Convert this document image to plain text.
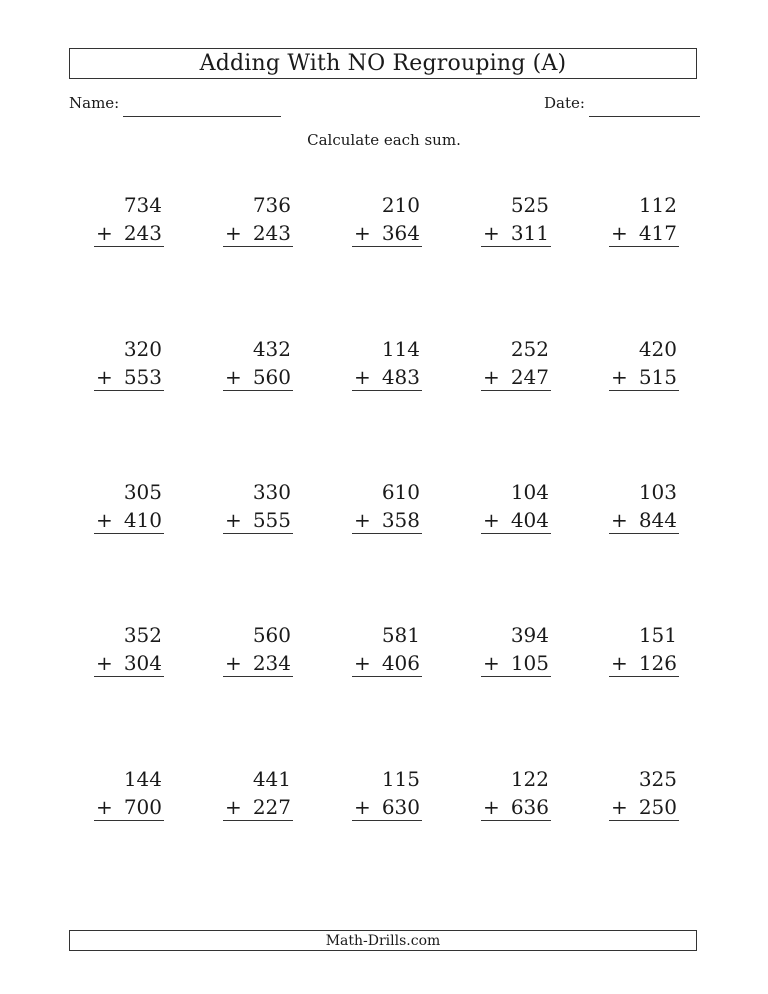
Adding With NO Regrouping (A)
Name:	Date:
Calculate each sum.
734
+ 243
736
+ 243
210
+ 364
525
+ 311
112
+ 417
320
+ 553
432
+ 560
114
+ 483
252
+ 247
420
+ 515
305
+ 410
330
+ 555
610
+ 358
104
+ 404
103
+ 844
352
+ 304
560
+ 234
581
+ 406
394
+ 105
151
+ 126
144
+ 700
441
+ 227
115
+ 630
122
+ 636
325
+ 250
Math-Drills.com
